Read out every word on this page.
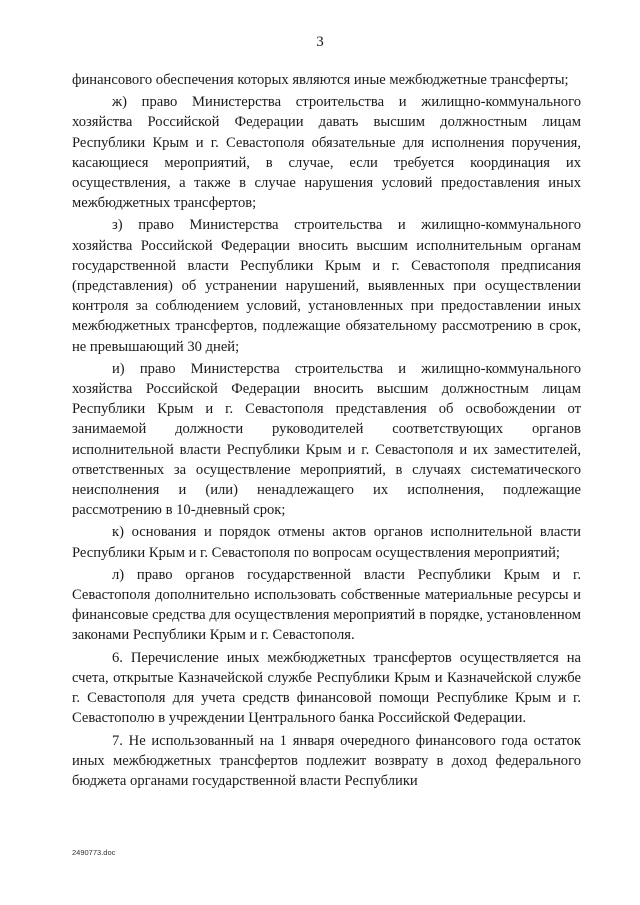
3

финансового обеспечения которых являются иные межбюджетные трансферты;

ж) право Министерства строительства и жилищно-коммунального хозяйства Российской Федерации давать высшим должностным лицам Республики Крым и г. Севастополя обязательные для исполнения поручения, касающиеся мероприятий, в случае, если требуется координация их осуществления, а также в случае нарушения условий предоставления иных межбюджетных трансфертов;

з) право Министерства строительства и жилищно-коммунального хозяйства Российской Федерации вносить высшим исполнительным органам государственной власти Республики Крым и г. Севастополя предписания (представления) об устранении нарушений, выявленных при осуществлении контроля за соблюдением условий, установленных при предоставлении иных межбюджетных трансфертов, подлежащие обязательному рассмотрению в срок, не превышающий 30 дней;

и) право Министерства строительства и жилищно-коммунального хозяйства Российской Федерации вносить высшим должностным лицам Республики Крым и г. Севастополя представления об освобождении от занимаемой должности руководителей соответствующих органов исполнительной власти Республики Крым и г. Севастополя и их заместителей, ответственных за осуществление мероприятий, в случаях систематического неисполнения и (или) ненадлежащего их исполнения, подлежащие рассмотрению в 10-дневный срок;

к) основания и порядок отмены актов органов исполнительной власти Республики Крым и г. Севастополя по вопросам осуществления мероприятий;

л) право органов государственной власти Республики Крым и г. Севастополя дополнительно использовать собственные материальные ресурсы и финансовые средства для осуществления мероприятий в порядке, установленном законами Республики Крым и г. Севастополя.

6. Перечисление иных межбюджетных трансфертов осуществляется на счета, открытые Казначейской службе Республики Крым и Казначейской службе г. Севастополя для учета средств финансовой помощи Республике Крым и г. Севастополю в учреждении Центрального банка Российской Федерации.

7. Не использованный на 1 января очередного финансового года остаток иных межбюджетных трансфертов подлежит возврату в доход федерального бюджета органами государственной власти Республики

2490773.doc
